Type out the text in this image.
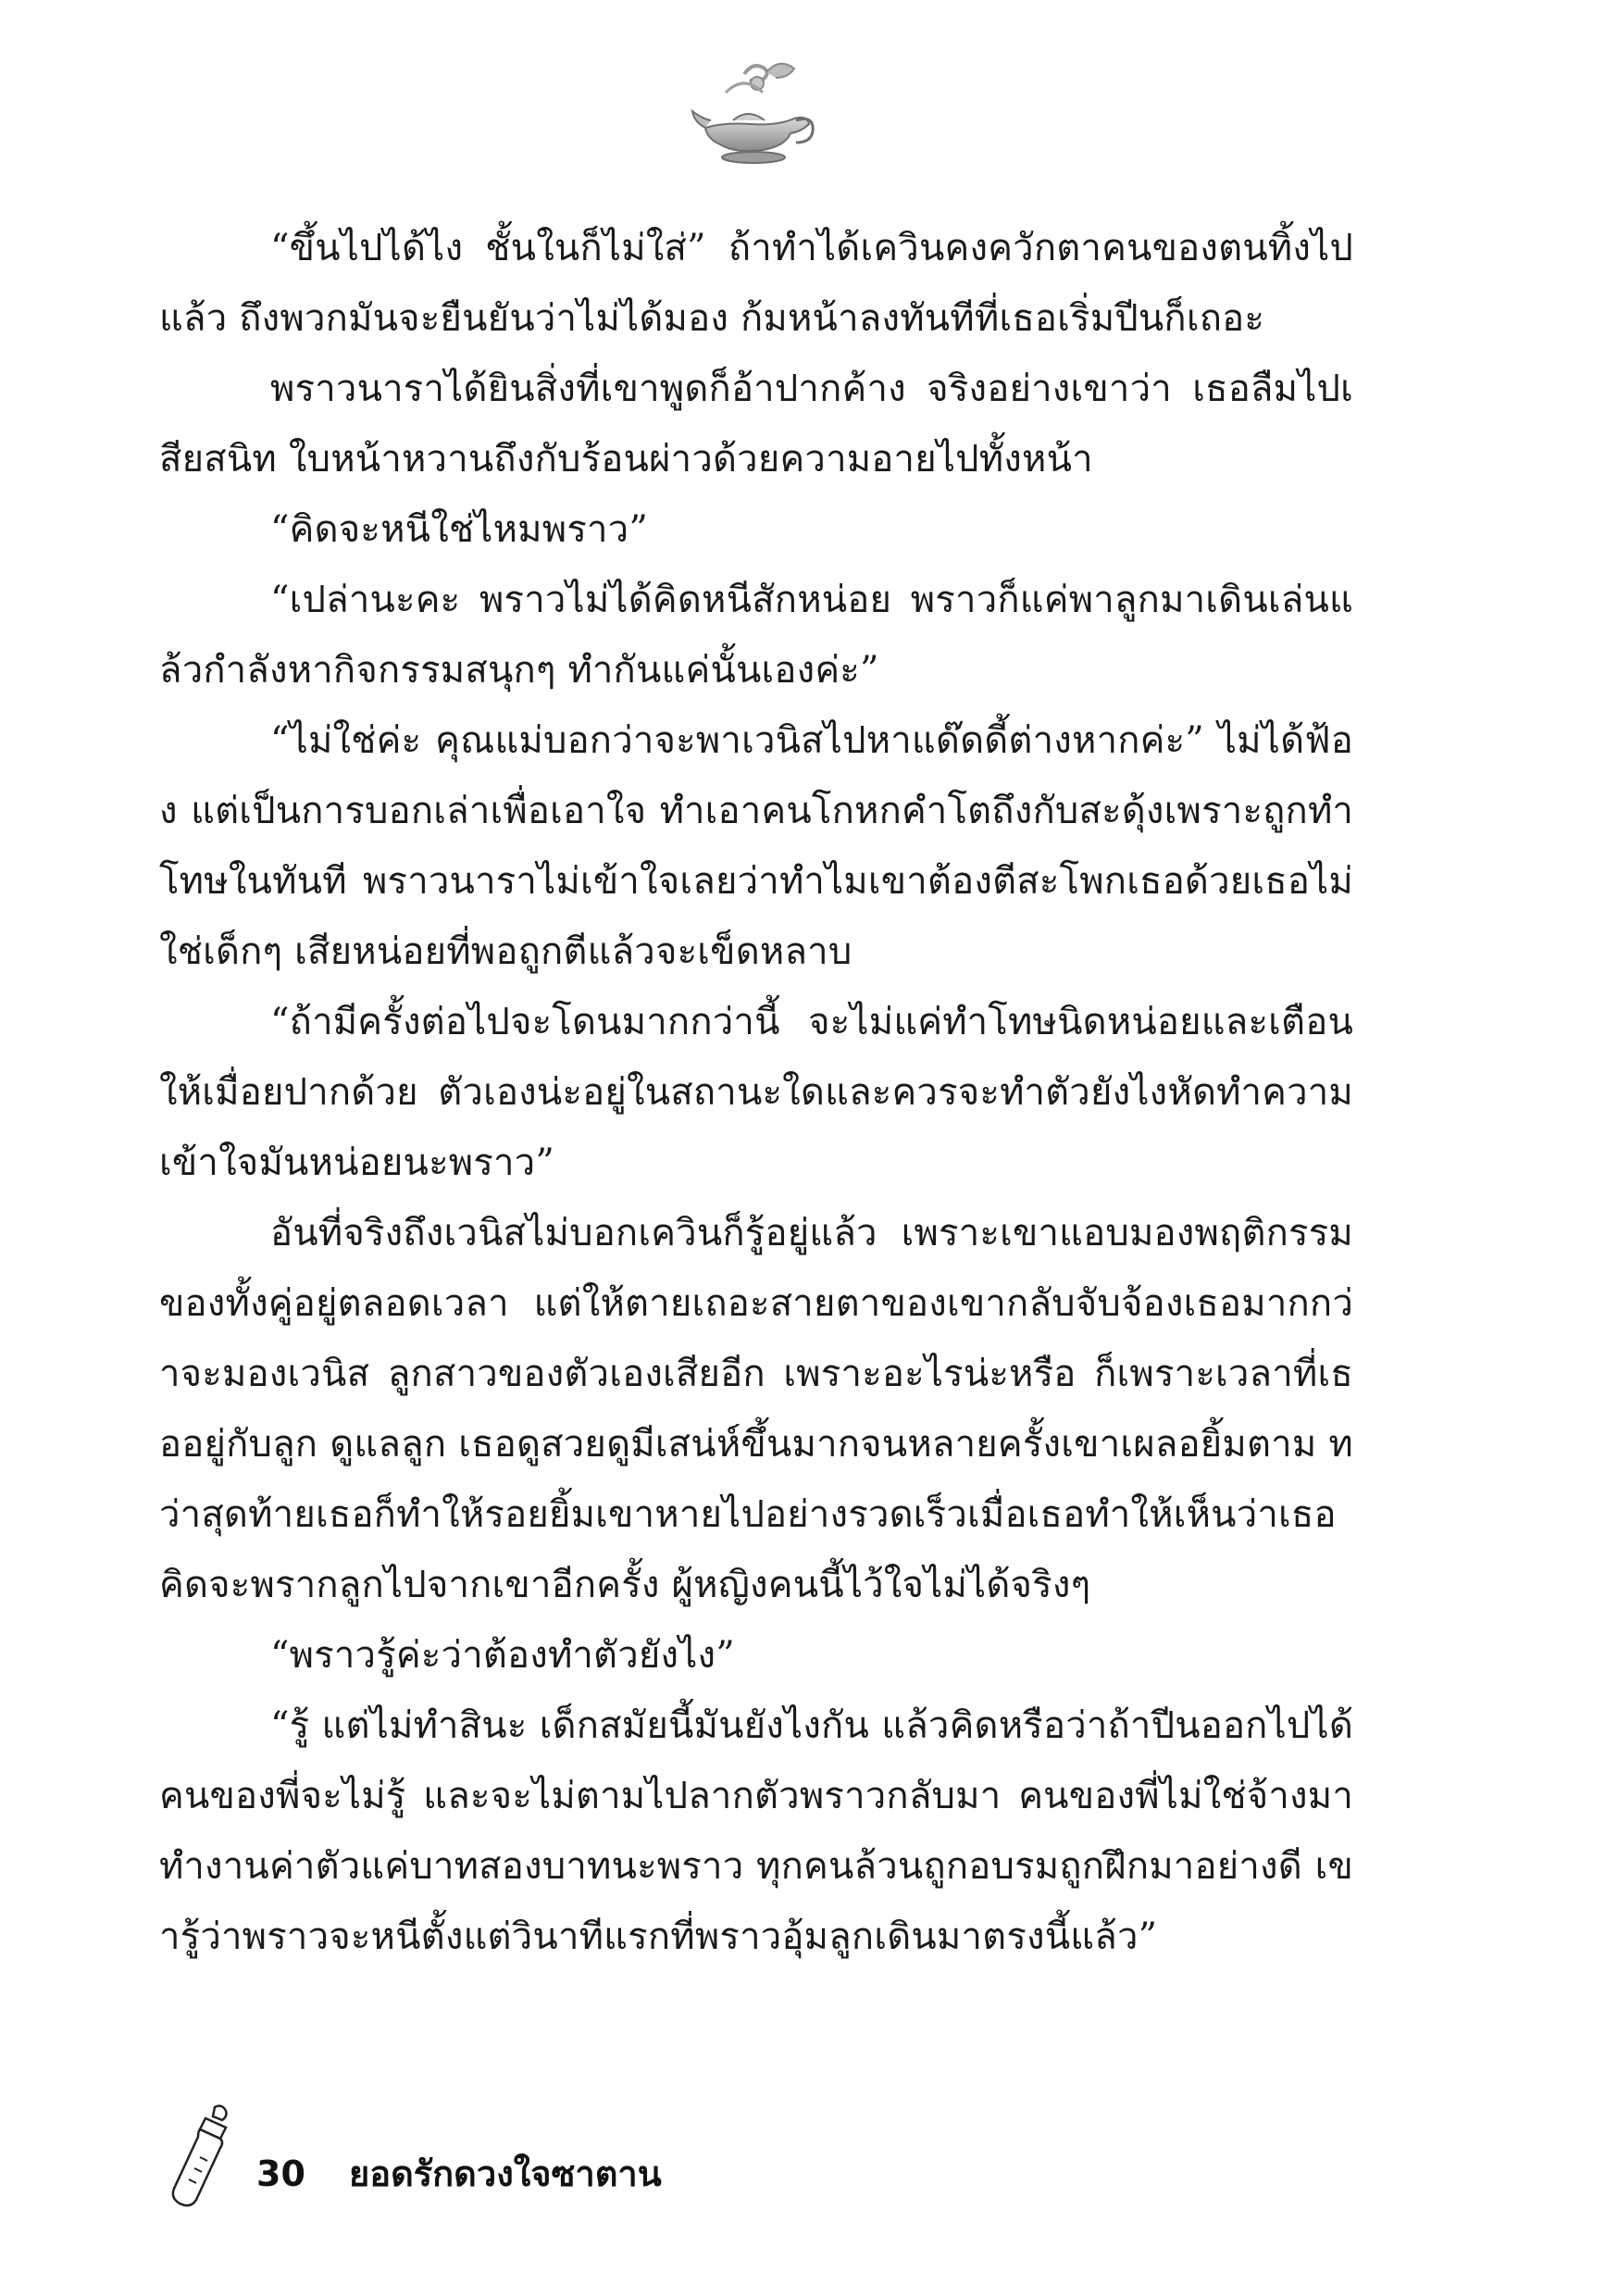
“ขึ้นไปได้ไง ชั้นในก็ไม่ใส่” ถ้าทำได้เควินคงควักตาคนของตนทิ้งไปแล้ว ถึงพวกมันจะยืนยันว่าไม่ได้มอง ก้มหน้าลงทันทีที่เธอเริ่มปีนก็เถอะ

พราวนาราได้ยินสิ่งที่เขาพูดก็อ้าปากค้าง จริงอย่างเขาว่า เธอลืมไปเสียสนิท ใบหน้าหวานถึงกับร้อนผ่าวด้วยความอายไปทั้งหน้า

“คิดจะหนีใช่ไหมพราว”

“เปล่านะคะ พราวไม่ได้คิดหนีสักหน่อย พราวก็แค่พาลูกมาเดินเล่นแล้วกำลังหากิจกรรมสนุกๆ ทำกันแค่นั้นเองค่ะ”

“ไม่ใช่ค่ะ คุณแม่บอกว่าจะพาเวนิสไปหาแด๊ดดี้ต่างหากค่ะ” ไม่ได้ฟ้อง แต่เป็นการบอกเล่าเพื่อเอาใจ ทำเอาคนโกหกคำโตถึงกับสะดุ้งเพราะถูกทำโทษในทันที พราวนาราไม่เข้าใจเลยว่าทำไมเขาต้องตีสะโพกเธอด้วยเธอไม่ใช่เด็กๆ เสียหน่อยที่พอถูกตีแล้วจะเข็ดหลาบ

“ถ้ามีครั้งต่อไปจะโดนมากกว่านี้ จะไม่แค่ทำโทษนิดหน่อยและเตือนให้เมื่อยปากด้วย ตัวเองน่ะอยู่ในสถานะใดและควรจะทำตัวยังไงหัดทำความเข้าใจมันหน่อยนะพราว”

อันที่จริงถึงเวนิสไม่บอกเควินก็รู้อยู่แล้ว เพราะเขาแอบมองพฤติกรรมของทั้งคู่อยู่ตลอดเวลา แต่ให้ตายเถอะสายตาของเขากลับจับจ้องเธอมากกว่าจะมองเวนิส ลูกสาวของตัวเองเสียอีก เพราะอะไรน่ะหรือ ก็เพราะเวลาที่เธออยู่กับลูก ดูแลลูก เธอดูสวยดูมีเสน่ห์ขึ้นมากจนหลายครั้งเขาเผลอยิ้มตาม ทว่าสุดท้ายเธอก็ทำให้รอยยิ้มเขาหายไปอย่างรวดเร็วเมื่อเธอทำให้เห็นว่าเธอคิดจะพรากลูกไปจากเขาอีกครั้ง ผู้หญิงคนนี้ไว้ใจไม่ได้จริงๆ

“พราวรู้ค่ะว่าต้องทำตัวยังไง”

“รู้ แต่ไม่ทำสินะ เด็กสมัยนี้มันยังไงกัน แล้วคิดหรือว่าถ้าปีนออกไปได้คนของพี่จะไม่รู้ และจะไม่ตามไปลากตัวพราวกลับมา คนของพี่ไม่ใช่จ้างมาทำงานค่าตัวแค่บาทสองบาทนะพราว ทุกคนล้วนถูกอบรมถูกฝึกมาอย่างดี เขารู้ว่าพราวจะหนีตั้งแต่วินาทีแรกที่พราวอุ้มลูกเดินมาตรงนี้แล้ว”

30 ยอดรักดวงใจซาตาน
